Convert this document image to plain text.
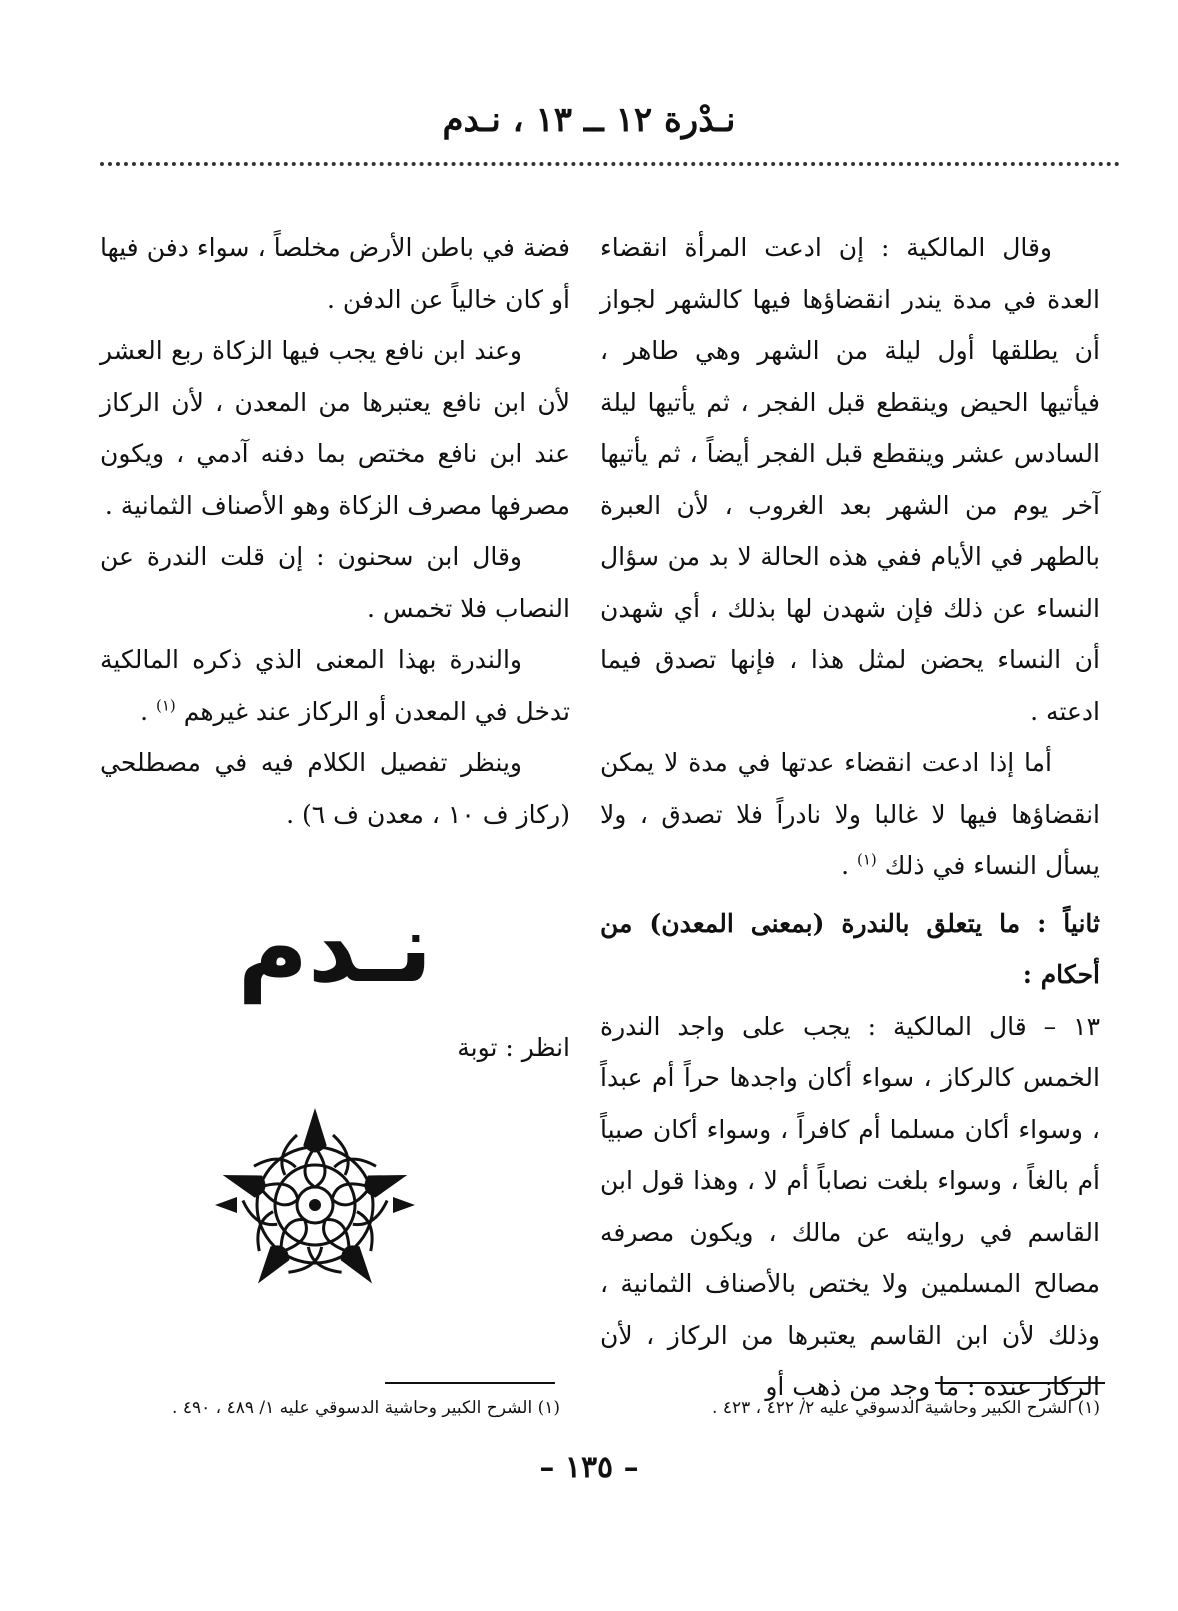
نـدْرة ١٢ ــ ١٣ ، نـدم

وقال المالكية : إن ادعت المرأة انقضاء العدة في مدة يندر انقضاؤها فيها كالشهر لجواز أن يطلقها أول ليلة من الشهر وهي طاهر ، فيأتيها الحيض وينقطع قبل الفجر ، ثم يأتيها ليلة السادس عشر وينقطع قبل الفجر أيضاً ، ثم يأتيها آخر يوم من الشهر بعد الغروب ، لأن العبرة بالطهر في الأيام ففي هذه الحالة لا بد من سؤال النساء عن ذلك فإن شهدن لها بذلك ، أي شهدن أن النساء يحضن لمثل هذا ، فإنها تصدق فيما ادعته .

أما إذا ادعت انقضاء عدتها في مدة لا يمكن انقضاؤها فيها لا غالبا ولا نادراً فلا تصدق ، ولا يسأل النساء في ذلك $^{(١)}$ .

ثانياً : ما يتعلق بالندرة (بمعنى المعدن) من أحكام :

١٣ – قال المالكية : يجب على واجد الندرة الخمس كالركاز ، سواء أكان واجدها حراً أم عبداً ، وسواء أكان مسلما أم كافراً ، وسواء أكان صبياً أم بالغاً ، وسواء بلغت نصاباً أم لا ، وهذا قول ابن القاسم في روايته عن مالك ، ويكون مصرفه مصالح المسلمين ولا يختص بالأصناف الثمانية ، وذلك لأن ابن القاسم يعتبرها من الركاز ، لأن الركاز عنده : ما وجد من ذهب أو

فضة في باطن الأرض مخلصاً ، سواء دفن فيها أو كان خالياً عن الدفن .

وعند ابن نافع يجب فيها الزكاة ربع العشر لأن ابن نافع يعتبرها من المعدن ، لأن الركاز عند ابن نافع مختص بما دفنه آدمي ، ويكون مصرفها مصرف الزكاة وهو الأصناف الثمانية .

وقال ابن سحنون : إن قلت الندرة عن النصاب فلا تخمس .

والندرة بهذا المعنى الذي ذكره المالكية تدخل في المعدن أو الركاز عند غيرهم $^{(١)}$ .

وينظر تفصيل الكلام فيه في مصطلحي (ركاز ف ١٠ ، معدن ف ٦) .

نـدم
انظر : توبة
(١) الشرح الكبير وحاشية الدسوقي عليه ٢/ ٤٢٢ ، ٤٢٣ .
(١) الشرح الكبير وحاشية الدسوقي عليه ١/ ٤٨٩ ، ٤٩٠ .
– ١٣٥ –
